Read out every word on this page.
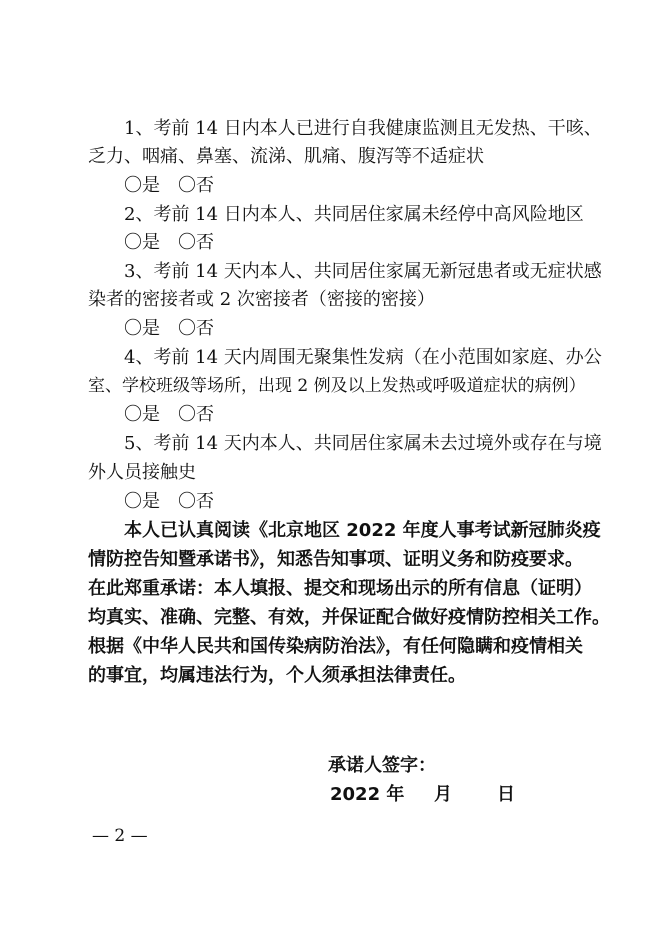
1、考前 14 日内本人已进行自我健康监测且无发热、干咳、
乏力、咽痛、鼻塞、流涕、肌痛、腹泻等不适症状
〇是 〇否
2、考前 14 日内本人、共同居住家属未经停中高风险地区
〇是 〇否
3、考前 14 天内本人、共同居住家属无新冠患者或无症状感
染者的密接者或 2 次密接者（密接的密接）
〇是 〇否
4、考前 14 天内周围无聚集性发病（在小范围如家庭、办公
室、学校班级等场所，出现 2 例及以上发热或呼吸道症状的病例）
〇是 〇否
5、考前 14 天内本人、共同居住家属未去过境外或存在与境
外人员接触史
〇是 〇否
本人已认真阅读《北京地区 2022 年度人事考试新冠肺炎疫
情防控告知暨承诺书》，知悉告知事项、证明义务和防疫要求。
在此郑重承诺：本人填报、提交和现场出示的所有信息（证明）
均真实、准确、完整、有效，并保证配合做好疫情防控相关工作。
根据《中华人民共和国传染病防治法》，有任何隐瞒和疫情相关
的事宜，均属违法行为，个人须承担法律责任。
承诺人签字：
2022 年 月	日
— 2 —
